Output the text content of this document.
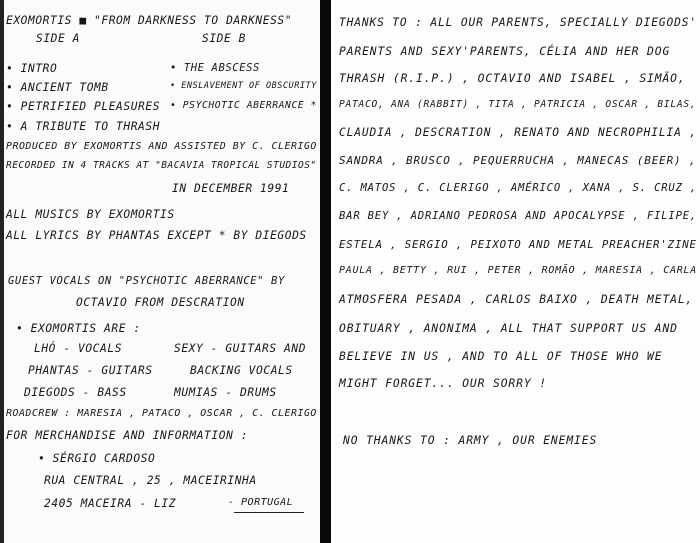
EXOMORTIS ■ "FROM DARKNESS TO DARKNESS"
SIDE A	SIDE B
• INTRO
• ANCIENT TOMB
• PETRIFIED PLEASURES
• A TRIBUTE TO THRASH
• THE ABSCESS
• ENSLAVEMENT OF OBSCURITY
• PSYCHOTIC ABERRANCE *
PRODUCED BY EXOMORTIS AND ASSISTED BY C. CLERIGO
RECORDED IN 4 TRACKS AT "BACAVIA TROPICAL STUDIOS"
IN DECEMBER 1991
ALL MUSICS BY EXOMORTIS
ALL LYRICS BY PHANTAS EXCEPT * BY DIEGODS
GUEST VOCALS ON "PSYCHOTIC ABERRANCE" BY
OCTAVIO FROM DESCRATION
• EXOMORTIS ARE :
LHÓ - VOCALS	SEXY - GUITARS AND
PHANTAS - GUITARS	BACKING VOCALS
DIEGODS - BASS	MUMIAS - DRUMS
ROADCREW : MARESIA , PATACO , OSCAR , C. CLERIGO
FOR MERCHANDISE AND INFORMATION :
• SÉRGIO CARDOSO
RUA CENTRAL , 25 , MACEIRINHA
2405 MACEIRA - LIZ	- PORTUGAL
THANKS TO : ALL OUR PARENTS, SPECIALLY DIEGODS'
PARENTS AND SEXY'PARENTS, CÉLIA AND HER DOG
THRASH (R.I.P.) , OCTAVIO AND ISABEL , SIMÃO,
PATACO, ANA (RABBIT) , TITA , PATRICIA , OSCAR , BILAS,
CLAUDIA , DESCRATION , RENATO AND NECROPHILIA ,
SANDRA , BRUSCO , PEQUERRUCHA , MANECAS (BEER) ,
C. MATOS , C. CLERIGO , AMÉRICO , XANA , S. CRUZ ,
BAR BEY , ADRIANO PEDROSA AND APOCALYPSE , FILIPE,
ESTELA , SERGIO , PEIXOTO AND METAL PREACHER'ZINE
PAULA , BETTY , RUI , PETER , ROMÃO , MARESIA , CARLA
ATMOSFERA PESADA , CARLOS BAIXO , DEATH METAL,
OBITUARY , ANONIMA , ALL THAT SUPPORT US AND
BELIEVE IN US , AND TO ALL OF THOSE WHO WE
MIGHT FORGET... OUR SORRY !
NO THANKS TO : ARMY , OUR ENEMIES
